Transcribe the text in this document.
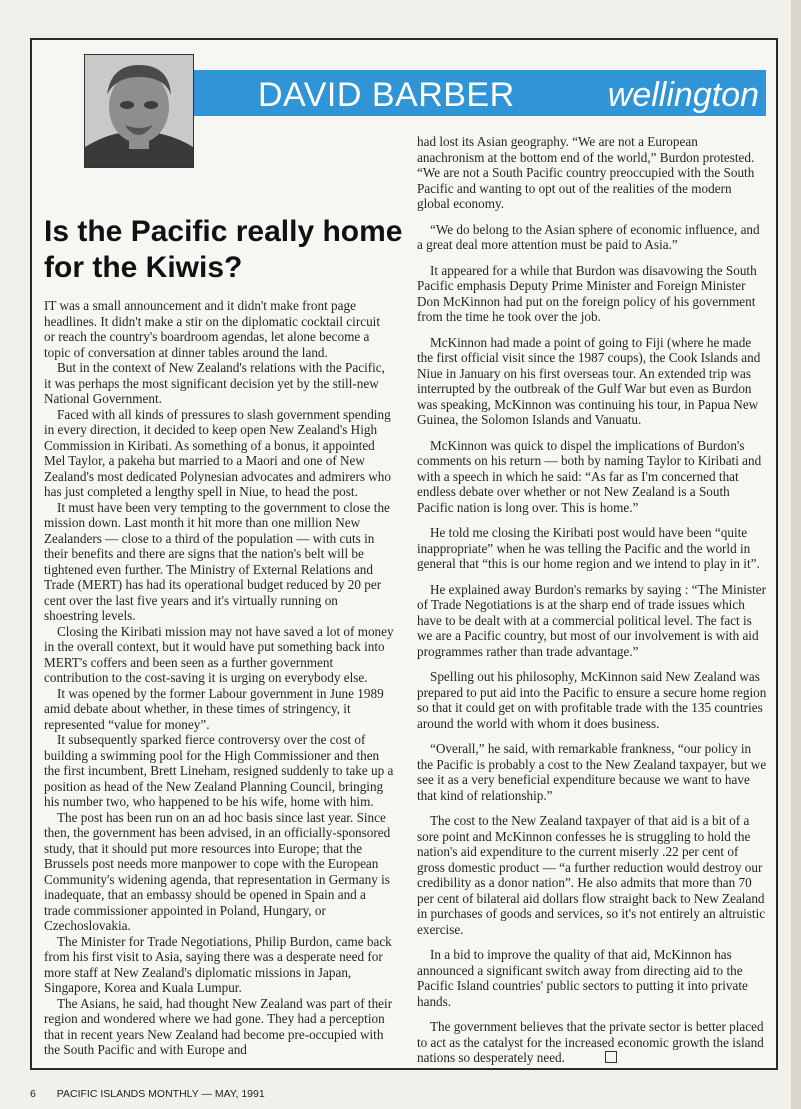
DAVID BARBER	wellington
Is the Pacific really home for the Kiwis?

IT was a small announcement and it didn't make front page headlines. It didn't make a stir on the diplomatic cocktail circuit or reach the country's boardroom agendas, let alone become a topic of conversation at dinner tables around the land.

But in the context of New Zealand's relations with the Pacific, it was perhaps the most significant decision yet by the still-new National Government.

Faced with all kinds of pressures to slash government spending in every direction, it decided to keep open New Zealand's High Commission in Kiribati. As something of a bonus, it appointed Mel Taylor, a pakeha but married to a Maori and one of New Zealand's most dedicated Polynesian advocates and admirers who has just completed a lengthy spell in Niue, to head the post.

It must have been very tempting to the government to close the mission down. Last month it hit more than one million New Zealanders — close to a third of the population — with cuts in their benefits and there are signs that the nation's belt will be tightened even further. The Ministry of External Relations and Trade (MERT) has had its operational budget reduced by 20 per cent over the last five years and it's virtually running on shoestring levels.

Closing the Kiribati mission may not have saved a lot of money in the overall context, but it would have put something back into MERT's coffers and been seen as a further government contribution to the cost-saving it is urging on everybody else.

It was opened by the former Labour government in June 1989 amid debate about whether, in these times of stringency, it represented “value for money”.

It subsequently sparked fierce controversy over the cost of building a swimming pool for the High Commissioner and then the first incumbent, Brett Lineham, resigned suddenly to take up a position as head of the New Zealand Planning Council, bringing his number two, who happened to be his wife, home with him.

The post has been run on an ad hoc basis since last year. Since then, the government has been advised, in an officially-sponsored study, that it should put more resources into Europe; that the Brussels post needs more manpower to cope with the European Community's widening agenda, that representation in Germany is inadequate, that an embassy should be opened in Spain and a trade commissioner appointed in Poland, Hungary, or Czechoslovakia.

The Minister for Trade Negotiations, Philip Burdon, came back from his first visit to Asia, saying there was a desperate need for more staff at New Zealand's diplomatic missions in Japan, Singapore, Korea and Kuala Lumpur.

The Asians, he said, had thought New Zealand was part of their region and wondered where we had gone. They had a perception that in recent years New Zealand had become pre-occupied with the South Pacific and with Europe and

had lost its Asian geography. “We are not a European anachronism at the bottom end of the world,” Burdon protested. “We are not a South Pacific country preoccupied with the South Pacific and wanting to opt out of the realities of the modern global economy.

“We do belong to the Asian sphere of economic influence, and a great deal more attention must be paid to Asia.”

It appeared for a while that Burdon was disavowing the South Pacific emphasis Deputy Prime Minister and Foreign Minister Don McKinnon had put on the foreign policy of his government from the time he took over the job.

McKinnon had made a point of going to Fiji (where he made the first official visit since the 1987 coups), the Cook Islands and Niue in January on his first overseas tour. An extended trip was interrupted by the outbreak of the Gulf War but even as Burdon was speaking, McKinnon was continuing his tour, in Papua New Guinea, the Solomon Islands and Vanuatu.

McKinnon was quick to dispel the implications of Burdon's comments on his return — both by naming Taylor to Kiribati and with a speech in which he said: “As far as I'm concerned that endless debate over whether or not New Zealand is a South Pacific nation is long over. This is home.”

He told me closing the Kiribati post would have been “quite inappropriate” when he was telling the Pacific and the world in general that “this is our home region and we intend to play in it”.

He explained away Burdon's remarks by saying : “The Minister of Trade Negotiations is at the sharp end of trade issues which have to be dealt with at a commercial political level. The fact is we are a Pacific country, but most of our involvement is with aid programmes rather than trade advantage.”

Spelling out his philosophy, McKinnon said New Zealand was prepared to put aid into the Pacific to ensure a secure home region so that it could get on with profitable trade with the 135 countries around the world with whom it does business.

“Overall,” he said, with remarkable frankness, “our policy in the Pacific is probably a cost to the New Zealand taxpayer, but we see it as a very beneficial expenditure because we want to have that kind of relationship.”

The cost to the New Zealand taxpayer of that aid is a bit of a sore point and McKinnon confesses he is struggling to hold the nation's aid expenditure to the current miserly .22 per cent of gross domestic product — “a further reduction would destroy our credibility as a donor nation”. He also admits that more than 70 per cent of bilateral aid dollars flow straight back to New Zealand in purchases of goods and services, so it's not entirely an altruistic exercise.

In a bid to improve the quality of that aid, McKinnon has announced a significant switch away from directing aid to the Pacific Island countries' public sectors to putting it into private hands.

The government believes that the private sector is better placed to act as the catalyst for the increased economic growth the island nations so desperately need.

6 PACIFIC ISLANDS MONTHLY — MAY, 1991
